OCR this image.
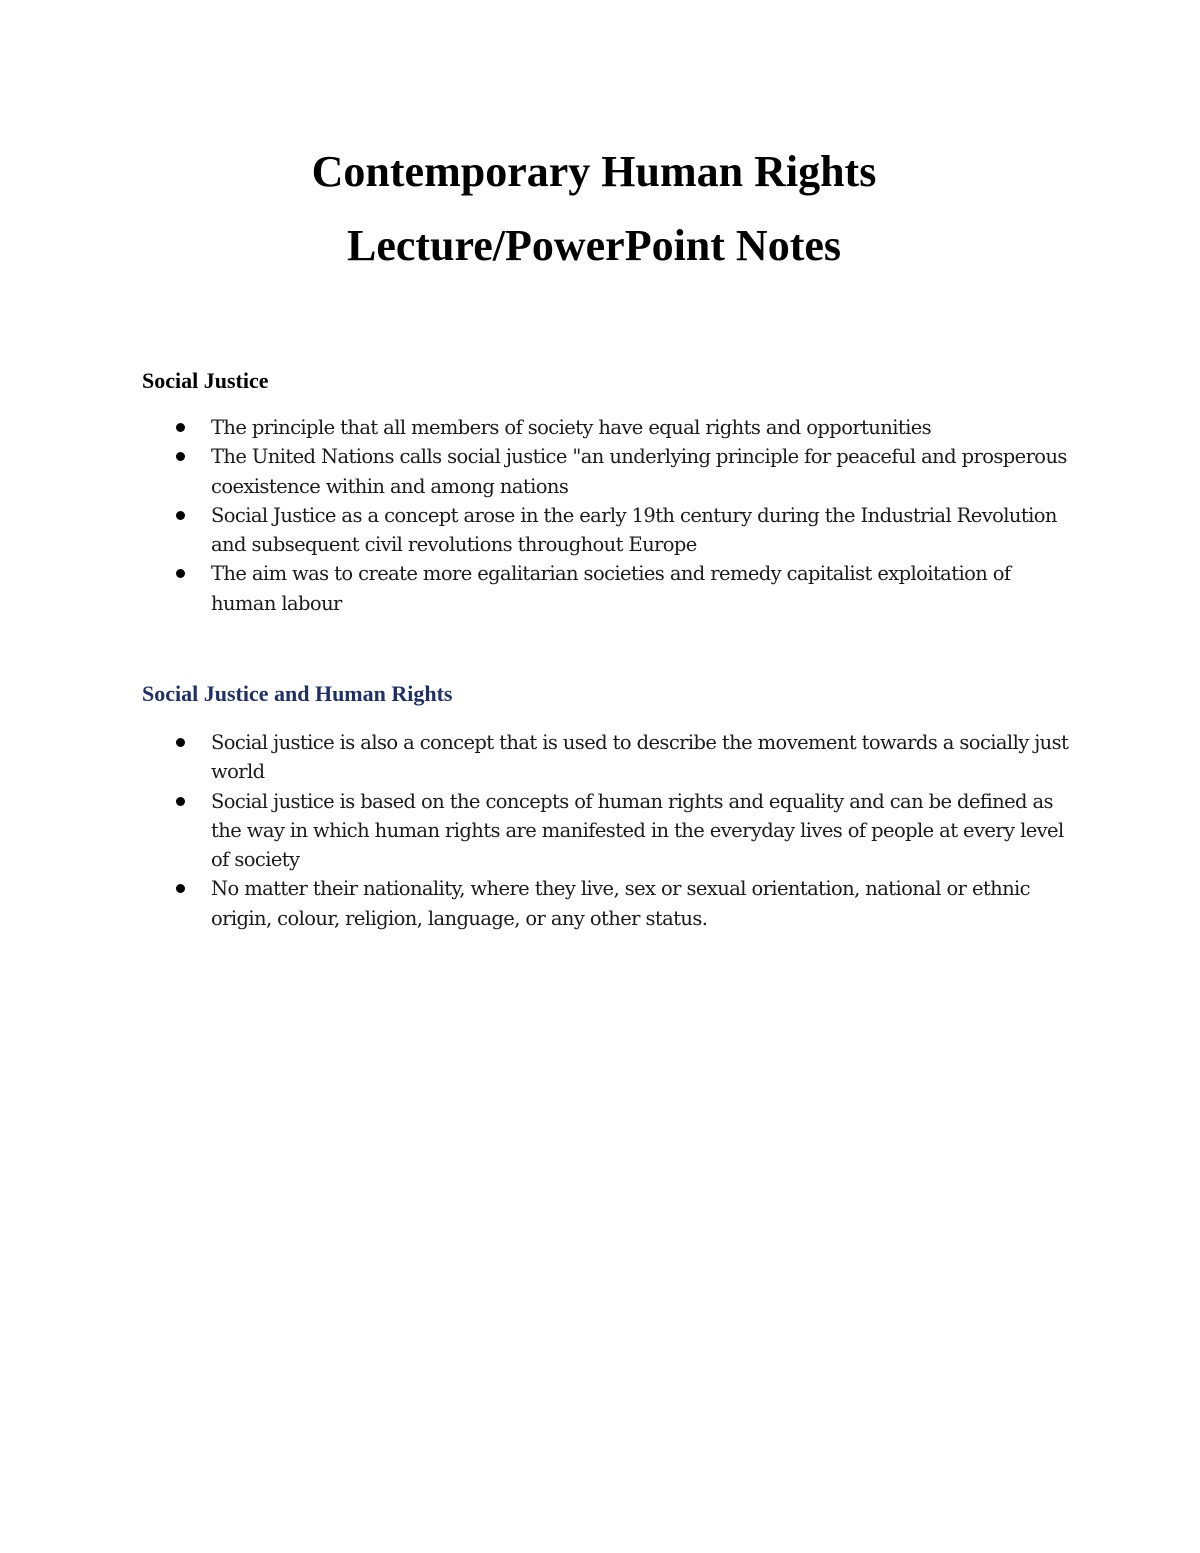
Contemporary Human Rights
Lecture/PowerPoint Notes
Social Justice
The principle that all members of society have equal rights and opportunities
The United Nations calls social justice "an underlying principle for peaceful and prosperous coexistence within and among nations
Social Justice as a concept arose in the early 19th century during the Industrial Revolution and subsequent civil revolutions throughout Europe
The aim was to create more egalitarian societies and remedy capitalist exploitation of human labour
Social Justice and Human Rights
Social justice is also a concept that is used to describe the movement towards a socially just world
Social justice is based on the concepts of human rights and equality and can be defined as the way in which human rights are manifested in the everyday lives of people at every level of society
No matter their nationality, where they live, sex or sexual orientation, national or ethnic origin, colour, religion, language, or any other status.
